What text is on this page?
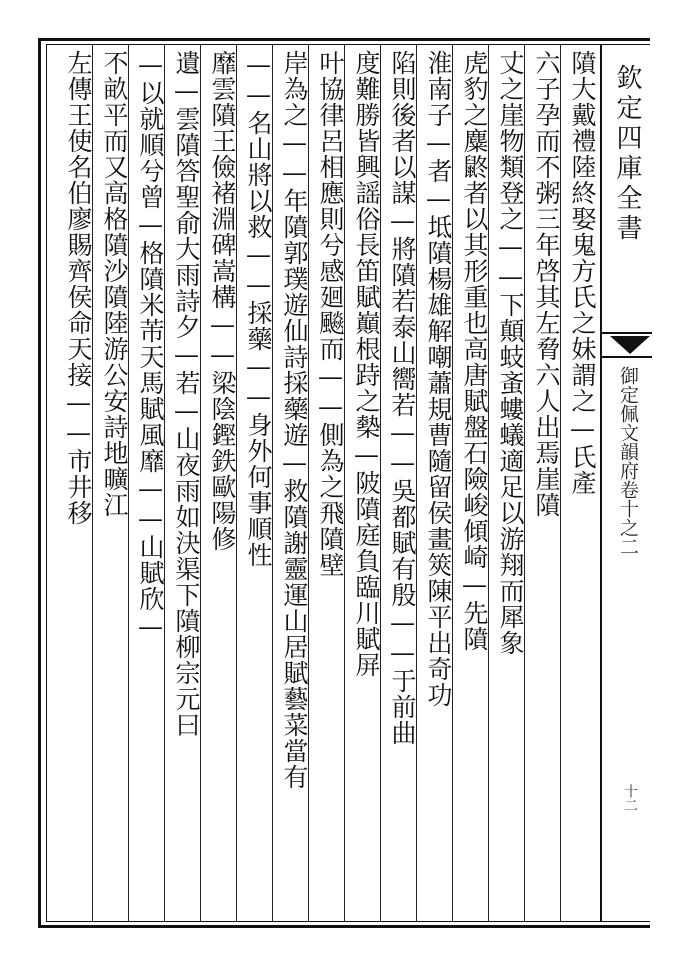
欽定四庫全書
御定佩文韻府卷十之二
十二
隫大戴禮陸終娶鬼方氏之妹謂之—氏產
六子孕而不粥三年啓其左脅六人出焉崖隫
丈之崖物類登之——下顛蚑蚉螻蟻適足以游翔而犀象
虎豹之麋鼨者以其形重也高唐賦盤石險峻傾崎—先隫
淮南子—者—坻隫楊雄解嘲蕭規曹隨留侯畫筴陳平出奇功
陷則後者以謀—將隫若泰山嚮若——吳都賦有殷——于前曲
度難勝皆興謡俗長笛賦巔根跱之槷—陂隫庭負臨川賦屏
叶協律呂相應則兮感廻飈而——側為之飛隫壁
岸為之——年隫郭璞遊仙詩採藥遊—救隫謝靈運山居賦藝菜當有
——名山將以救——採藥——身外何事順性
靡雲隫王儉褚淵碑嵩構——梁陰鏗鉄歐陽修
遺—雲隫答聖俞大雨詩夕—若—山夜雨如決渠下隫柳宗元曰
—以就順兮曾—格隫米芾天馬賦風靡——山賦欣—
不畝平而又高格隫沙隫陸游公安詩地曠江
左傳王使名伯廖賜齊侯命天接——市井移
